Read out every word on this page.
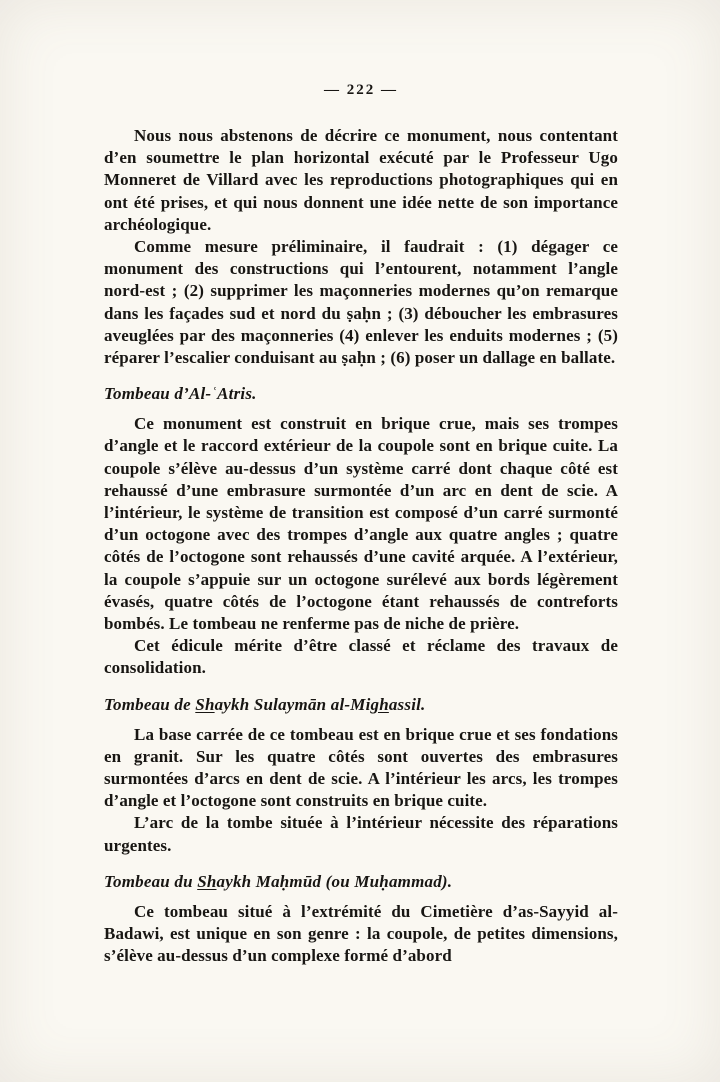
— 222 —

Nous nous abstenons de décrire ce monument, nous contentant d’en soumettre le plan horizontal exécuté par le Professeur Ugo Monneret de Villard avec les reproductions photographiques qui en ont été prises, et qui nous donnent une idée nette de son importance archéologique.

Comme mesure préliminaire, il faudrait : (1) dégager ce monument des constructions qui l’entourent, notamment l’angle nord-est ; (2) supprimer les maçonneries modernes qu’on remarque dans les façades sud et nord du ṣaḥn ; (3) déboucher les embrasures aveuglées par des maçonneries (4) enlever les enduits modernes ; (5) réparer l’escalier conduisant au ṣaḥn ; (6) poser un dallage en ballate.

Tombeau d’Al-ʿAtris.

Ce monument est construit en brique crue, mais ses trompes d’angle et le raccord extérieur de la coupole sont en brique cuite. La coupole s’élève au-dessus d’un système carré dont chaque côté est rehaussé d’une embrasure surmontée d’un arc en dent de scie. A l’intérieur, le système de transition est composé d’un carré surmonté d’un octogone avec des trompes d’angle aux quatre angles ; quatre côtés de l’octogone sont rehaussés d’une cavité arquée. A l’extérieur, la coupole s’appuie sur un octogone surélevé aux bords légèrement évasés, quatre côtés de l’octogone étant rehaussés de contreforts bombés. Le tombeau ne renferme pas de niche de prière.

Cet édicule mérite d’être classé et réclame des travaux de consolidation.

Tombeau de Shaykh Sulaymān al-Mighassil.

La base carrée de ce tombeau est en brique crue et ses fondations en granit. Sur les quatre côtés sont ouvertes des embrasures surmontées d’arcs en dent de scie. A l’intérieur les arcs, les trompes d’angle et l’octogone sont construits en brique cuite.

L’arc de la tombe située à l’intérieur nécessite des réparations urgentes.

Tombeau du Shaykh Maḥmūd (ou Muḥammad).

Ce tombeau situé à l’extrémité du Cimetière d’as-Sayyid al-Badawi, est unique en son genre : la coupole, de petites dimensions, s’élève au-dessus d’un complexe formé d’abord
